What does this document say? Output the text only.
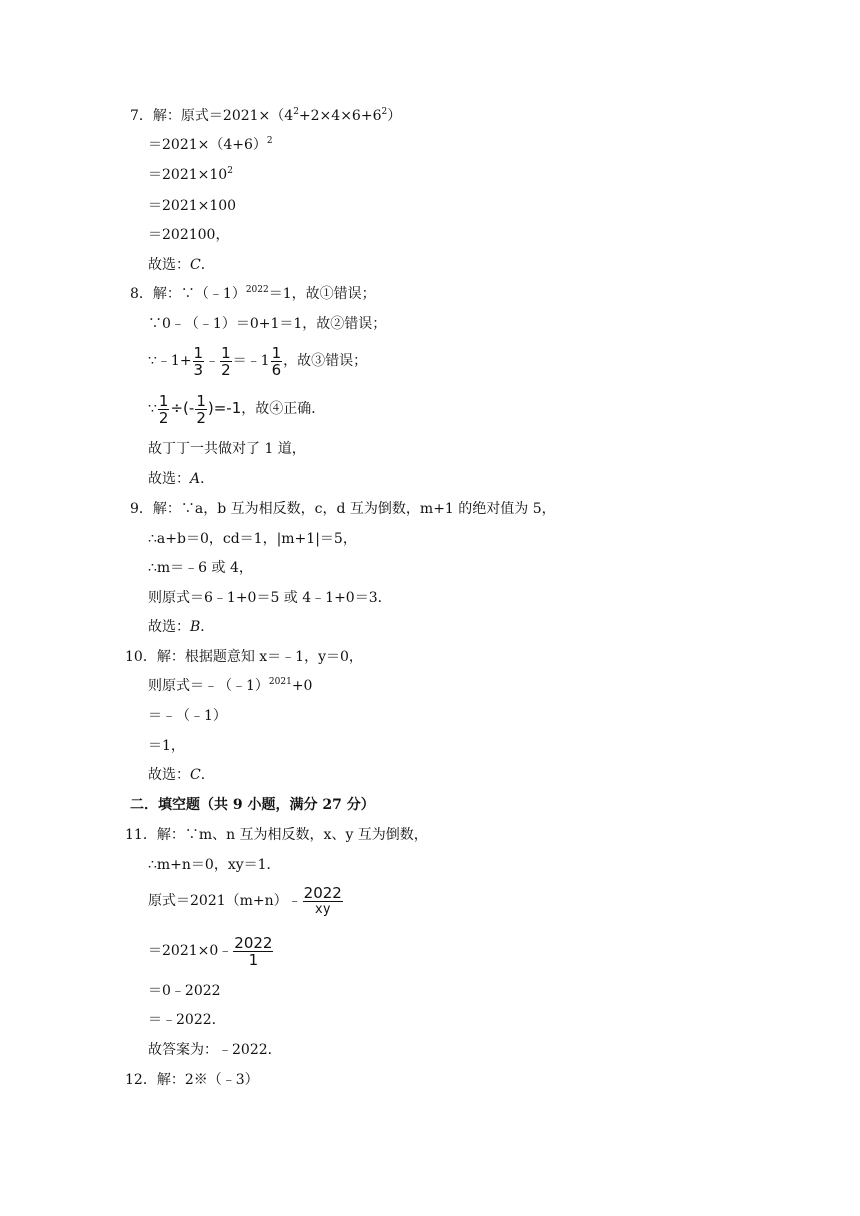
7．解：原式$=2021\times(4^2+2\times 4\times 6+6^2)$
$=2021\times(4+6)^2$
$=2021\times 10^2$
＝2021×100
＝202100，
故选：C．
8．解：∵（﹣1）$^{2022}$＝1，故①错误；
∵0﹣（﹣1）＝0+1＝1，故②错误；
∵﹣1+ $\frac{1}{3}$ ﹣ $\frac{1}{2}$ ＝﹣1 $\frac{1}{6}$ ，故③错误；
∵ $\frac{1}{2}$ ÷(- $\frac{1}{2} )=-1$，故④正确．
故丁丁一共做对了 1 道，
故选：A．
9．解：∵a，b 互为相反数，c，d 互为倒数，m+1 的绝对值为 5，
∴a+b＝0，cd＝1，|m+1|＝5，
∴m＝﹣6 或 4，
则原式＝6﹣1+0＝5 或 4﹣1+0＝3．
故选：B．
10．解：根据题意知 x＝﹣1，y＝0，
则原式＝﹣（﹣1）$^{2021}$+0
＝﹣（﹣1）
＝1，
故选：C．
二．填空题（共 9 小题，满分 27 分）
11．解：∵m、n 互为相反数，x、y 互为倒数，
∴m+n＝0，xy＝1．
原式＝2021（m+n）﹣ $\frac{2022}{xy}$
＝2021×0﹣ $\frac{2022}{1}$
＝0﹣2022
＝﹣2022．
故答案为：﹣2022．
12．解：2※（﹣3）
